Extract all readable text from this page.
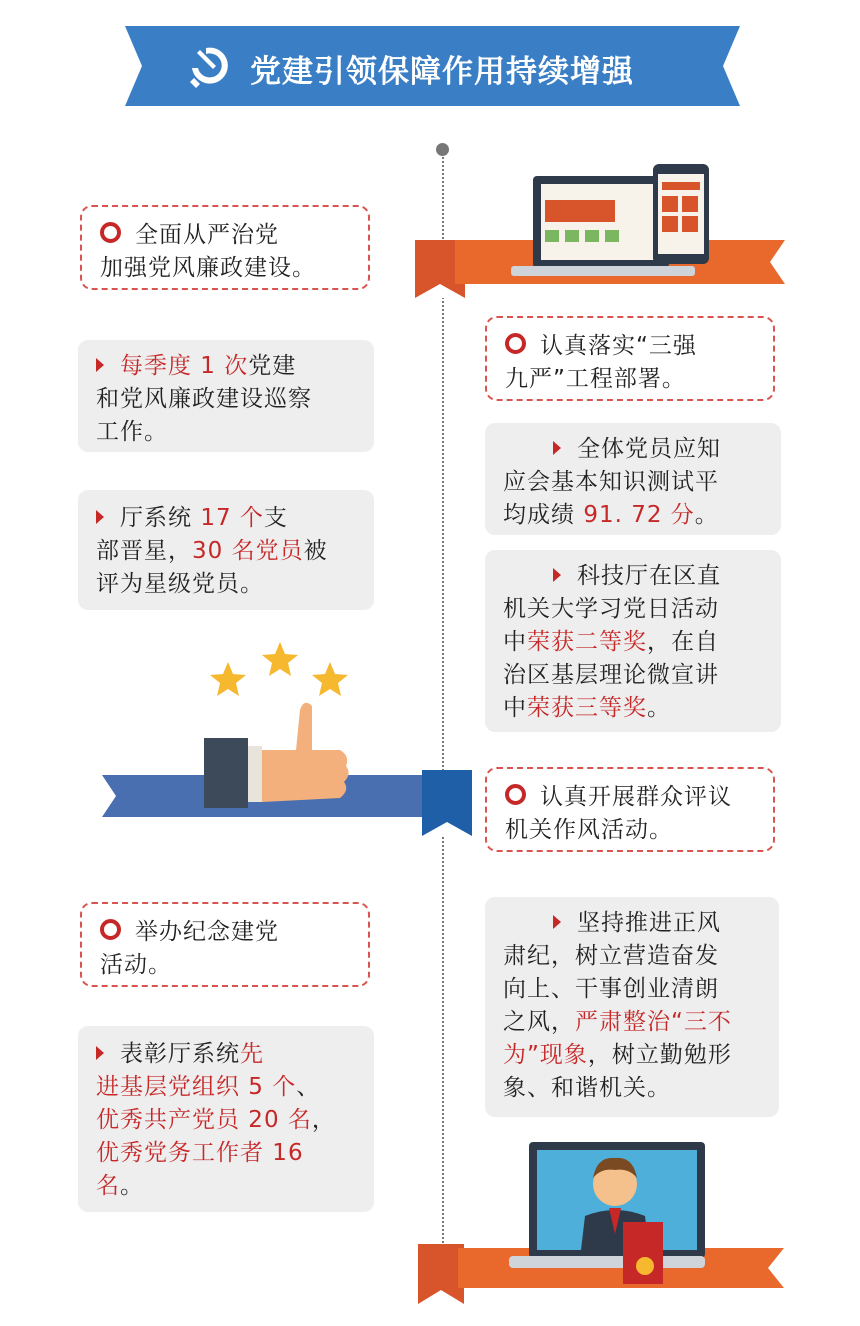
党建引领保障作用持续增强
全面从严治党
加强党风廉政建设。
每季度 1 次党建
和党风廉政建设巡察
工作。
厅系统 17 个支
部晋星，30 名党员被
评为星级党员。
举办纪念建党
活动。
表彰厅系统先
进基层党组织 5 个、
优秀共产党员 20 名，
优秀党务工作者 16
名。
认真落实“三强
九严”工程部署。
全体党员应知
应会基本知识测试平
均成绩 91. 72 分。
科技厅在区直
机关大学习党日活动
中荣获二等奖，在自
治区基层理论微宣讲
中荣获三等奖。
认真开展群众评议
机关作风活动。
坚持推进正风
肃纪，树立营造奋发
向上、干事创业清朗
之风，严肃整治“三不
为”现象，树立勤勉形
象、和谐机关。
